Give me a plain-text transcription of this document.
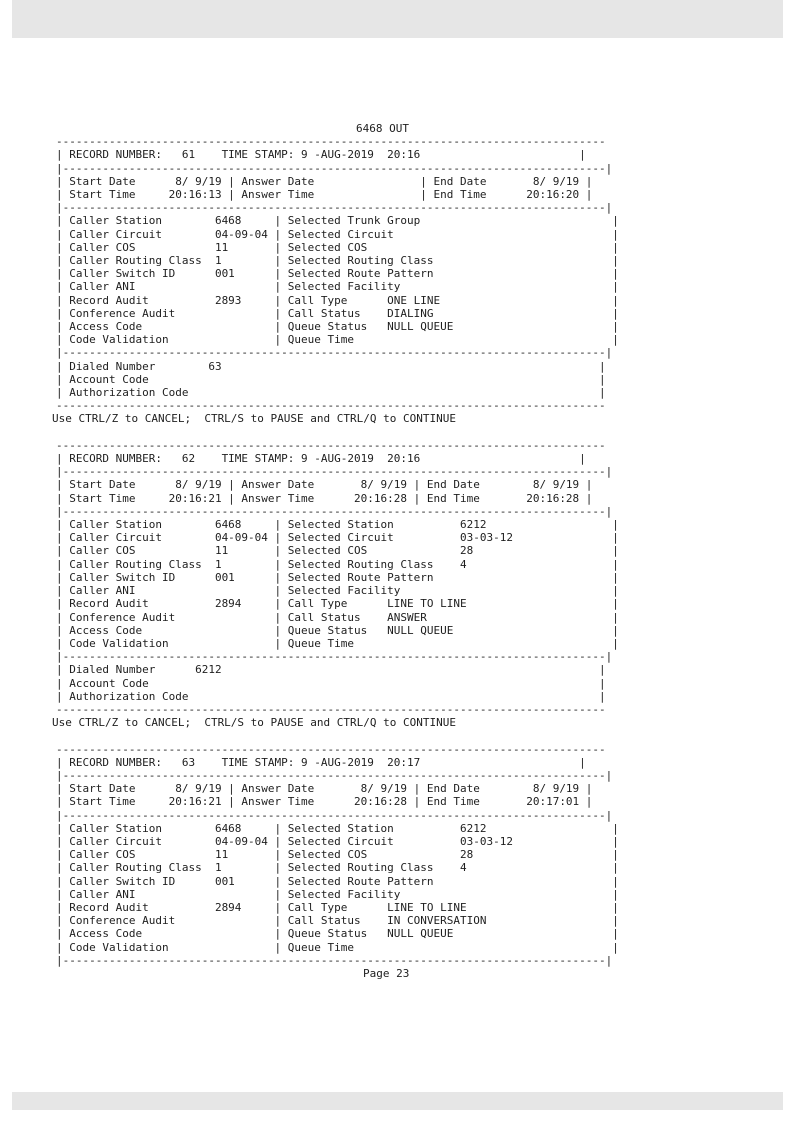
6468 OUT
-----------------------------------------------------------------------------------
| RECORD NUMBER:   61    TIME STAMP: 9 -AUG-2019  20:16                        |
|----------------------------------------------------------------------------------|
| Start Date      8/ 9/19 | Answer Date                | End Date       8/ 9/19 |
| Start Time     20:16:13 | Answer Time                | End Time      20:16:20 |
|----------------------------------------------------------------------------------|
| Caller Station        6468     | Selected Trunk Group                             |
| Caller Circuit        04-09-04 | Selected Circuit                                 |
| Caller COS            11       | Selected COS                                     |
| Caller Routing Class  1        | Selected Routing Class                           |
| Caller Switch ID      001      | Selected Route Pattern                           |
| Caller ANI                     | Selected Facility                                |
| Record Audit          2893     | Call Type      ONE LINE                          |
| Conference Audit               | Call Status    DIALING                           |
| Access Code                    | Queue Status   NULL QUEUE                        |
| Code Validation                | Queue Time                                       |
|----------------------------------------------------------------------------------|
| Dialed Number        63                                                         |
| Account Code                                                                    |
| Authorization Code                                                              |
-----------------------------------------------------------------------------------
Use CTRL/Z to CANCEL;  CTRL/S to PAUSE and CTRL/Q to CONTINUE
-----------------------------------------------------------------------------------
| RECORD NUMBER:   62    TIME STAMP: 9 -AUG-2019  20:16                        |
|----------------------------------------------------------------------------------|
| Start Date      8/ 9/19 | Answer Date       8/ 9/19 | End Date        8/ 9/19 |
| Start Time     20:16:21 | Answer Time      20:16:28 | End Time       20:16:28 |
|----------------------------------------------------------------------------------|
| Caller Station        6468     | Selected Station          6212                   |
| Caller Circuit        04-09-04 | Selected Circuit          03-03-12               |
| Caller COS            11       | Selected COS              28                     |
| Caller Routing Class  1        | Selected Routing Class    4                      |
| Caller Switch ID      001      | Selected Route Pattern                           |
| Caller ANI                     | Selected Facility                                |
| Record Audit          2894     | Call Type      LINE TO LINE                      |
| Conference Audit               | Call Status    ANSWER                            |
| Access Code                    | Queue Status   NULL QUEUE                        |
| Code Validation                | Queue Time                                       |
|----------------------------------------------------------------------------------|
| Dialed Number      6212                                                         |
| Account Code                                                                    |
| Authorization Code                                                              |
-----------------------------------------------------------------------------------
Use CTRL/Z to CANCEL;  CTRL/S to PAUSE and CTRL/Q to CONTINUE
-----------------------------------------------------------------------------------
| RECORD NUMBER:   63    TIME STAMP: 9 -AUG-2019  20:17                        |
|----------------------------------------------------------------------------------|
| Start Date      8/ 9/19 | Answer Date       8/ 9/19 | End Date        8/ 9/19 |
| Start Time     20:16:21 | Answer Time      20:16:28 | End Time       20:17:01 |
|----------------------------------------------------------------------------------|
| Caller Station        6468     | Selected Station          6212                   |
| Caller Circuit        04-09-04 | Selected Circuit          03-03-12               |
| Caller COS            11       | Selected COS              28                     |
| Caller Routing Class  1        | Selected Routing Class    4                      |
| Caller Switch ID      001      | Selected Route Pattern                           |
| Caller ANI                     | Selected Facility                                |
| Record Audit          2894     | Call Type      LINE TO LINE                      |
| Conference Audit               | Call Status    IN CONVERSATION                   |
| Access Code                    | Queue Status   NULL QUEUE                        |
| Code Validation                | Queue Time                                       |
|----------------------------------------------------------------------------------|
Page 23
